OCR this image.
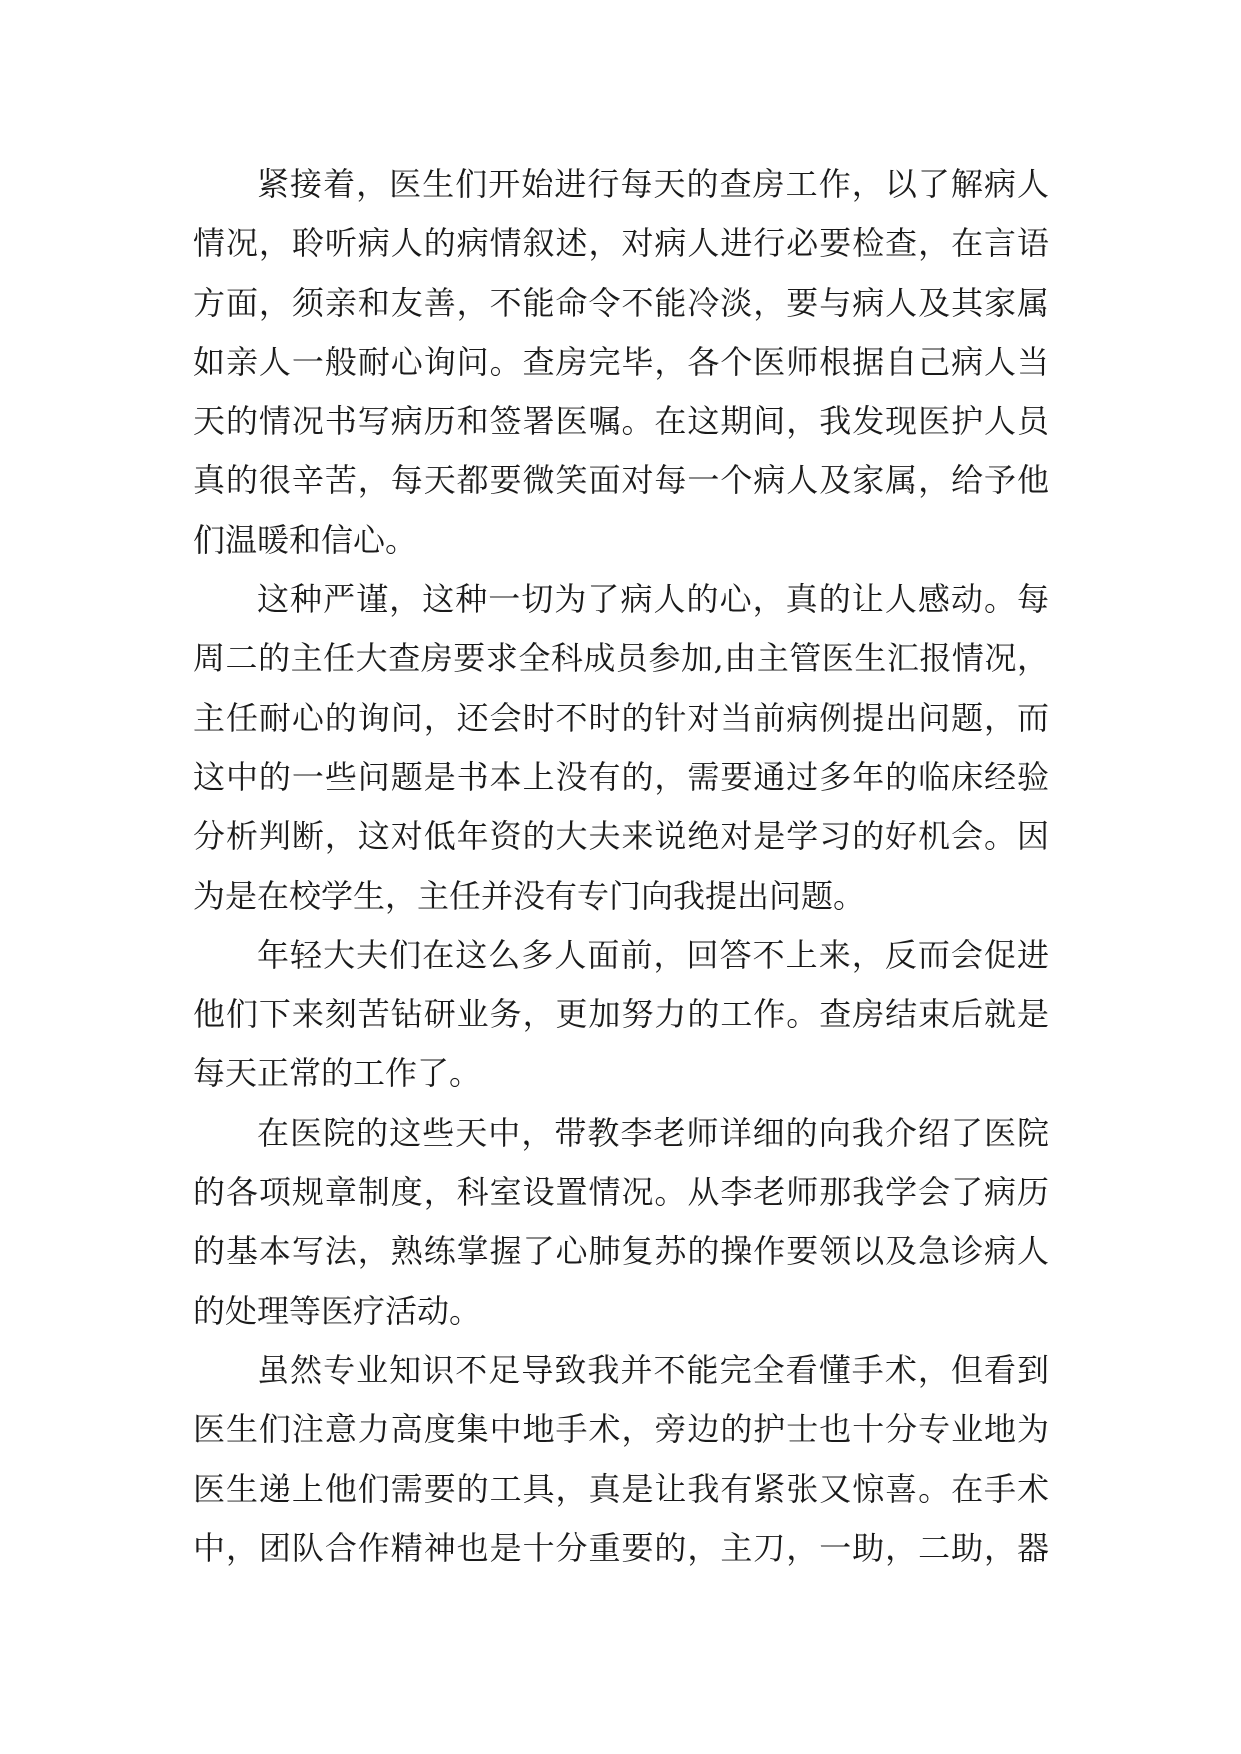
紧接着，医生们开始进行每天的查房工作，以了解病人
情况，聆听病人的病情叙述，对病人进行必要检查，在言语
方面，须亲和友善，不能命令不能冷淡，要与病人及其家属
如亲人一般耐心询问。查房完毕，各个医师根据自己病人当
天的情况书写病历和签署医嘱。在这期间，我发现医护人员
真的很辛苦，每天都要微笑面对每一个病人及家属，给予他
们温暖和信心。
这种严谨，这种一切为了病人的心，真的让人感动。每
周二的主任大查房要求全科成员参加,由主管医生汇报情况，
主任耐心的询问，还会时不时的针对当前病例提出问题，而
这中的一些问题是书本上没有的，需要通过多年的临床经验
分析判断，这对低年资的大夫来说绝对是学习的好机会。因
为是在校学生，主任并没有专门向我提出问题。
年轻大夫们在这么多人面前，回答不上来，反而会促进
他们下来刻苦钻研业务，更加努力的工作。查房结束后就是
每天正常的工作了。
在医院的这些天中，带教李老师详细的向我介绍了医院
的各项规章制度，科室设置情况。从李老师那我学会了病历
的基本写法，熟练掌握了心肺复苏的操作要领以及急诊病人
的处理等医疗活动。
虽然专业知识不足导致我并不能完全看懂手术，但看到
医生们注意力高度集中地手术，旁边的护士也十分专业地为
医生递上他们需要的工具，真是让我有紧张又惊喜。在手术
中，团队合作精神也是十分重要的，主刀，一助，二助，器
